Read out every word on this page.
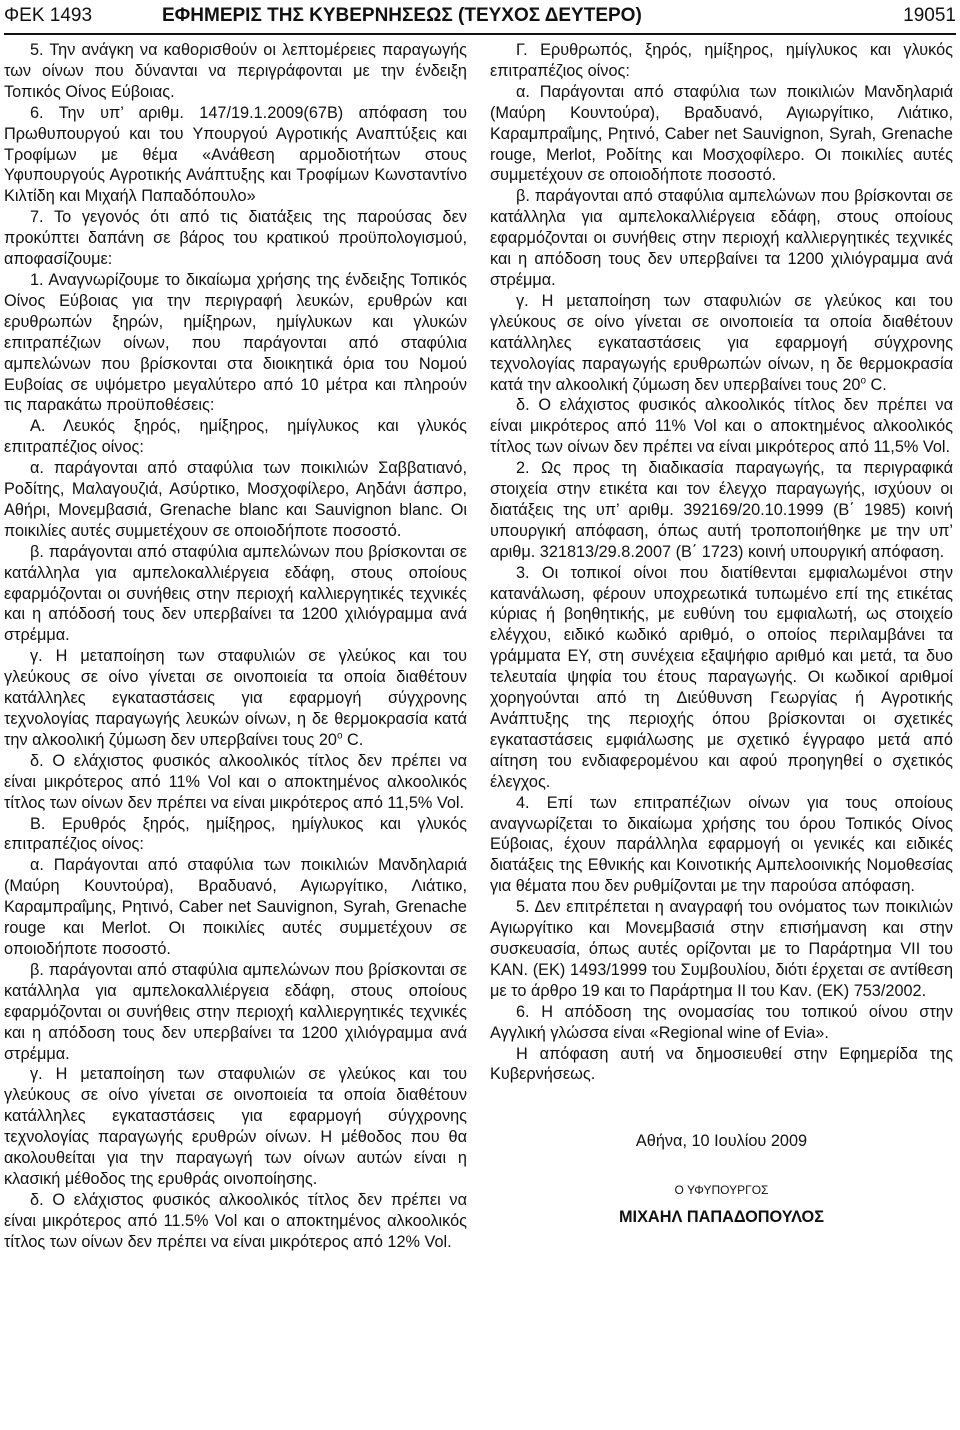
ΦΕΚ 1493	ΕΦΗΜΕΡΙΣ ΤΗΣ ΚΥΒΕΡΝΗΣΕΩΣ (ΤΕΥΧΟΣ ΔΕΥΤΕΡΟ)	19051

5. Την ανάγκη να καθορισθούν οι λεπτομέρειες παραγωγής των οίνων που δύνανται να περιγράφονται με την ένδειξη Τοπικός Οίνος Εύβοιας.

6. Την υπ’ αριθμ. 147/19.1.2009(67Β) απόφαση του Πρωθυπουργού και του Υπουργού Αγροτικής Αναπτύξεις και Τροφίμων με θέμα «Ανάθεση αρμοδιοτήτων στους Υφυπουργούς Αγροτικής Ανάπτυξης και Τροφίμων Κωνσταντίνο Κιλτίδη και Μιχαήλ Παπαδόπουλο»

7. Το γεγονός ότι από τις διατάξεις της παρούσας δεν προκύπτει δαπάνη σε βάρος του κρατικού προϋπολογισμού, αποφασίζουμε:

1. Αναγνωρίζουμε το δικαίωμα χρήσης της ένδειξης Τοπικός Οίνος Εύβοιας για την περιγραφή λευκών, ερυθρών και ερυθρωπών ξηρών, ημίξηρων, ημίγλυκων και γλυκών επιτραπέζιων οίνων, που παράγονται από σταφύλια αμπελώνων που βρίσκονται στα διοικητικά όρια του Νομού Ευβοίας σε υψόμετρο μεγαλύτερο από 10 μέτρα και πληρούν τις παρακάτω προϋποθέσεις:

Α. Λευκός ξηρός, ημίξηρος, ημίγλυκος και γλυκός επιτραπέζιος οίνος:

α. παράγονται από σταφύλια των ποικιλιών Σαββατιανό, Ροδίτης, Μαλαγουζιά, Ασύρτικο, Μοσχοφίλερο, Αηδάνι άσπρο, Αθήρι, Μονεμβασιά, Grenache blanc και Sauvignon blanc. Οι ποικιλίες αυτές συμμετέχουν σε οποιοδήποτε ποσοστό.

β. παράγονται από σταφύλια αμπελώνων που βρίσκονται σε κατάλληλα για αμπελοκαλλιέργεια εδάφη, στους οποίους εφαρμόζονται οι συνήθεις στην περιοχή καλλιεργητικές τεχνικές και η απόδοσή τους δεν υπερβαίνει τα 1200 χιλιόγραμμα ανά στρέμμα.

γ. Η μεταποίηση των σταφυλιών σε γλεύκος και του γλεύκους σε οίνο γίνεται σε οινοποιεία τα οποία διαθέτουν κατάλληλες εγκαταστάσεις για εφαρμογή σύγχρονης τεχνολογίας παραγωγής λευκών οίνων, η δε θερμοκρασία κατά την αλκοολική ζύμωση δεν υπερβαίνει τους $20^o$ C.

δ. Ο ελάχιστος φυσικός αλκοολικός τίτλος δεν πρέπει να είναι μικρότερος από 11% Vol και ο αποκτημένος αλκοολικός τίτλος των οίνων δεν πρέπει να είναι μικρότερος από 11,5% Vol.

Β. Ερυθρός ξηρός, ημίξηρος, ημίγλυκος και γλυκός επιτραπέζιος οίνος:

α. Παράγονται από σταφύλια των ποικιλιών Μανδηλαριά (Μαύρη Κουντούρα), Βραδυανό, Αγιωργίτικο, Λιάτικο, Καραμπραΐμης, Ρητινό, Caber net Sauvignon, Syrah, Grenache rouge και Merlot. Οι ποικιλίες αυτές συμμετέχουν σε οποιοδήποτε ποσοστό.

β. παράγονται από σταφύλια αμπελώνων που βρίσκονται σε κατάλληλα για αμπελοκαλλιέργεια εδάφη, στους οποίους εφαρμόζονται οι συνήθεις στην περιοχή καλλιεργητικές τεχνικές και η απόδοση τους δεν υπερβαίνει τα 1200 χιλιόγραμμα ανά στρέμμα.

γ. Η μεταποίηση των σταφυλιών σε γλεύκος και του γλεύκους σε οίνο γίνεται σε οινοποιεία τα οποία διαθέτουν κατάλληλες εγκαταστάσεις για εφαρμογή σύγχρονης τεχνολογίας παραγωγής ερυθρών οίνων. Η μέθοδος που θα ακολουθείται για την παραγωγή των οίνων αυτών είναι η κλασική μέθοδος της ερυθράς οινοποίησης.

δ. Ο ελάχιστος φυσικός αλκοολικός τίτλος δεν πρέπει να είναι μικρότερος από 11.5% Vol και ο αποκτημένος αλκοολικός τίτλος των οίνων δεν πρέπει να είναι μικρότερος από 12% Vol.

Γ. Ερυθρωπός, ξηρός, ημίξηρος, ημίγλυκος και γλυκός επιτραπέζιος οίνος:

α. Παράγονται από σταφύλια των ποικιλιών Μανδηλαριά (Μαύρη Κουντούρα), Βραδυανό, Αγιωργίτικο, Λιάτικο, Καραμπραΐμης, Ρητινό, Caber net Sauvignon, Syrah, Grenache rouge, Merlot, Ροδίτης και Μοσχοφίλερο. Οι ποικιλίες αυτές συμμετέχουν σε οποιοδήποτε ποσοστό.

β. παράγονται από σταφύλια αμπελώνων που βρίσκονται σε κατάλληλα για αμπελοκαλλιέργεια εδάφη, στους οποίους εφαρμόζονται οι συνήθεις στην περιοχή καλλιεργητικές τεχνικές και η απόδοση τους δεν υπερβαίνει τα 1200 χιλιόγραμμα ανά στρέμμα.

γ. Η μεταποίηση των σταφυλιών σε γλεύκος και του γλεύκους σε οίνο γίνεται σε οινοποιεία τα οποία διαθέτουν κατάλληλες εγκαταστάσεις για εφαρμογή σύγχρονης τεχνολογίας παραγωγής ερυθρωπών οίνων, η δε θερμοκρασία κατά την αλκοολική ζύμωση δεν υπερβαίνει τους $20^o$ C.

δ. Ο ελάχιστος φυσικός αλκοολικός τίτλος δεν πρέπει να είναι μικρότερος από 11% Vol και ο αποκτημένος αλκοολικός τίτλος των οίνων δεν πρέπει να είναι μικρότερος από 11,5% Vol.

2. Ως προς τη διαδικασία παραγωγής, τα περιγραφικά στοιχεία στην ετικέτα και τον έλεγχο παραγωγής, ισχύουν οι διατάξεις της υπ’ αριθμ. 392169/20.10.1999 (Β΄ 1985) κοινή υπουργική απόφαση, όπως αυτή τροποποιήθηκε με την υπ’ αριθμ. 321813/29.8.2007 (Β΄ 1723) κοινή υπουργική απόφαση.

3. Οι τοπικοί οίνοι που διατίθενται εμφιαλωμένοι στην κατανάλωση, φέρουν υποχρεωτικά τυπωμένο επί της ετικέτας κύριας ή βοηθητικής, με ευθύνη του εμφιαλωτή, ως στοιχείο ελέγχου, ειδικό κωδικό αριθμό, ο οποίος περιλαμβάνει τα γράμματα ΕΥ, στη συνέχεια εξαψήφιο αριθμό και μετά, τα δυο τελευταία ψηφία του έτους παραγωγής. Οι κωδικοί αριθμοί χορηγούνται από τη Διεύθυνση Γεωργίας ή Αγροτικής Ανάπτυξης της περιοχής όπου βρίσκονται οι σχετικές εγκαταστάσεις εμφιάλωσης με σχετικό έγγραφο μετά από αίτηση του ενδιαφερομένου και αφού προηγηθεί ο σχετικός έλεγχος.

4. Επί των επιτραπέζιων οίνων για τους οποίους αναγνωρίζεται το δικαίωμα χρήσης του όρου Τοπικός Οίνος Εύβοιας, έχουν παράλληλα εφαρμογή οι γενικές και ειδικές διατάξεις της Εθνικής και Κοινοτικής Αμπελοοινικής Νομοθεσίας για θέματα που δεν ρυθμίζονται με την παρούσα απόφαση.

5. Δεν επιτρέπεται η αναγραφή του ονόματος των ποικιλιών Αγιωργίτικο και Μονεμβασιά στην επισήμανση και στην συσκευασία, όπως αυτές ορίζονται με το Παράρτημα VII του ΚΑΝ. (ΕΚ) 1493/1999 του Συμβουλίου, διότι έρχεται σε αντίθεση με το άρθρο 19 και το Παράρτημα ΙΙ του Καν. (ΕΚ) 753/2002.

6. Η απόδοση της ονομασίας του τοπικού οίνου στην Αγγλική γλώσσα είναι «Regional wine of Evia».

Η απόφαση αυτή να δημοσιευθεί στην Εφημερίδα της Κυβερνήσεως.

Αθήνα, 10 Ιουλίου 2009

Ο ΥΦΥΠΟΥΡΓΟΣ

ΜΙΧΑΗΛ ΠΑΠΑΔΟΠΟΥΛΟΣ
